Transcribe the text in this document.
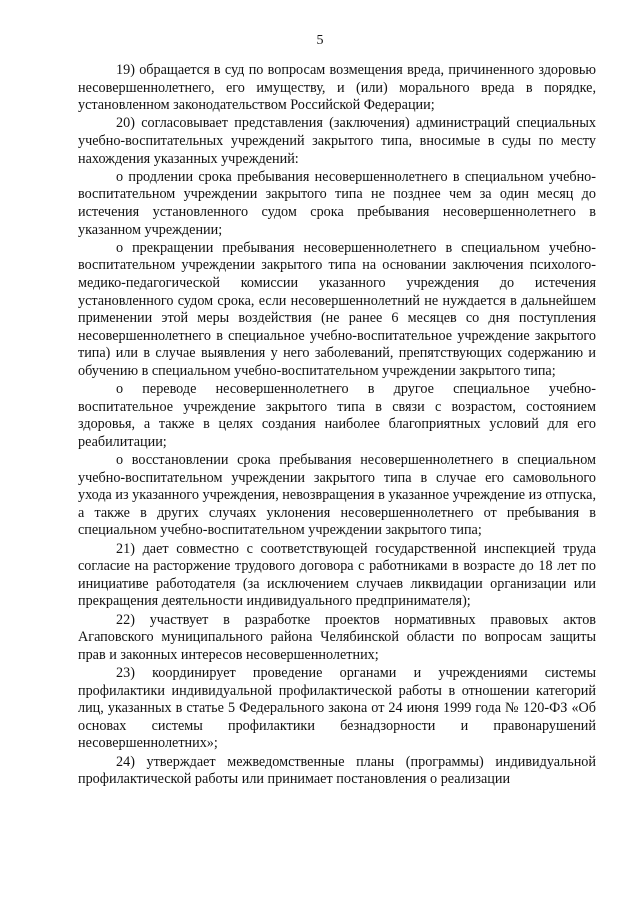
5

19) обращается в суд по вопросам возмещения вреда, причиненного здоровью несовершеннолетнего, его имуществу, и (или) морального вреда в порядке, установленном законодательством Российской Федерации;

20) согласовывает представления (заключения) администраций специальных учебно-воспитательных учреждений закрытого типа, вносимые в суды по месту нахождения указанных учреждений:

о продлении срока пребывания несовершеннолетнего в специальном учебно-воспитательном учреждении закрытого типа не позднее чем за один месяц до истечения установленного судом срока пребывания несовершеннолетнего в указанном учреждении;

о прекращении пребывания несовершеннолетнего в специальном учебно-воспитательном учреждении закрытого типа на основании заключения психолого-медико-педагогической комиссии указанного учреждения до истечения установленного судом срока, если несовершеннолетний не нуждается в дальнейшем применении этой меры воздействия (не ранее 6 месяцев со дня поступления несовершеннолетнего в специальное учебно-воспитательное учреждение закрытого типа) или в случае выявления у него заболеваний, препятствующих содержанию и обучению в специальном учебно-воспитательном учреждении закрытого типа;

о переводе несовершеннолетнего в другое специальное учебно-воспитательное учреждение закрытого типа в связи с возрастом, состоянием здоровья, а также в целях создания наиболее благоприятных условий для его реабилитации;

о восстановлении срока пребывания несовершеннолетнего в специальном учебно-воспитательном учреждении закрытого типа в случае его самовольного ухода из указанного учреждения, невозвращения в указанное учреждение из отпуска, а также в других случаях уклонения несовершеннолетнего от пребывания в специальном учебно-воспитательном учреждении закрытого типа;

21) дает совместно с соответствующей государственной инспекцией труда согласие на расторжение трудового договора с работниками в возрасте до 18 лет по инициативе работодателя (за исключением случаев ликвидации организации или прекращения деятельности индивидуального предпринимателя);

22) участвует в разработке проектов нормативных правовых актов Агаповского муниципального района Челябинской области по вопросам защиты прав и законных интересов несовершеннолетних;

23) координирует проведение органами и учреждениями системы профилактики индивидуальной профилактической работы в отношении категорий лиц, указанных в статье 5 Федерального закона от 24 июня 1999 года № 120-ФЗ «Об основах системы профилактики безнадзорности и правонарушений несовершеннолетних»;

24) утверждает межведомственные планы (программы) индивидуальной профилактической работы или принимает постановления о реализации
